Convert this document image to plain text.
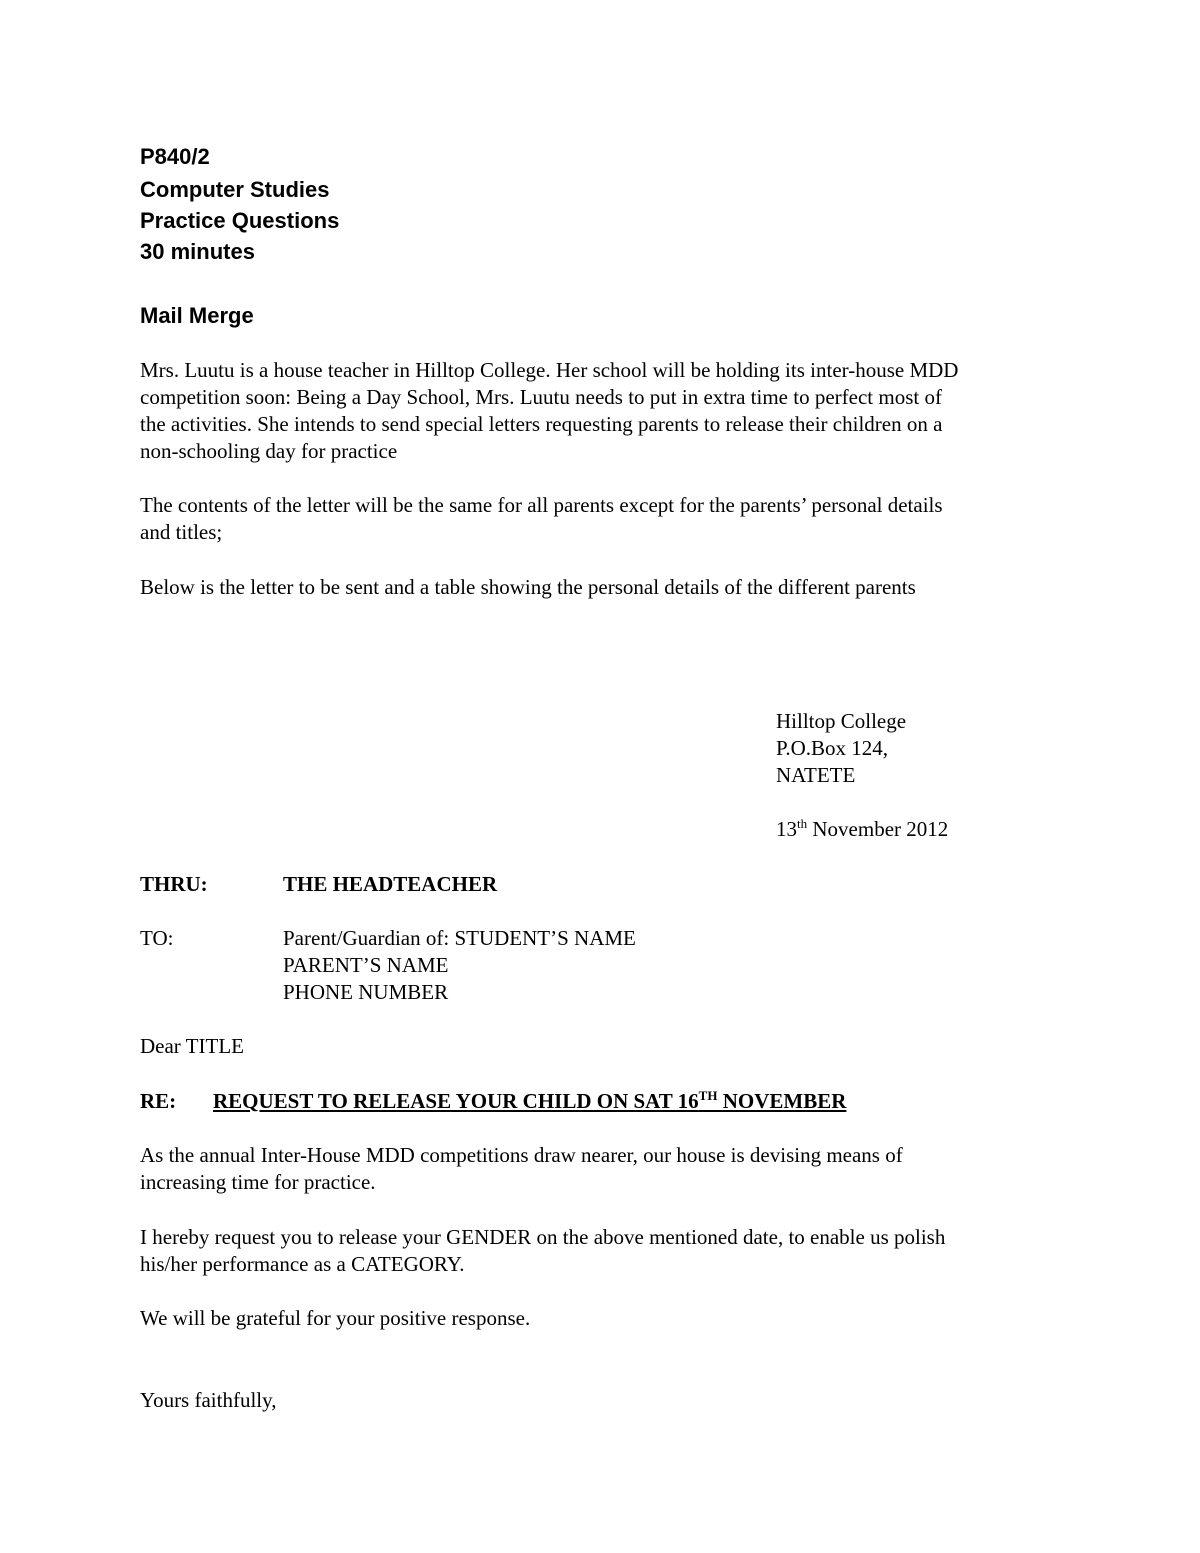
P840/2
Computer Studies
Practice Questions
30 minutes
Mail Merge
Mrs. Luutu is a house teacher in Hilltop College. Her school will be holding its inter-house MDD
competition soon: Being a Day School, Mrs. Luutu needs to put in extra time to perfect most of
the activities. She intends to send special letters requesting parents to release their children on a
non-schooling day for practice
The contents of the letter will be the same for all parents except for the parents’ personal details
and titles;
Below is the letter to be sent and a table showing the personal details of the different parents
Hilltop College
P.O.Box 124,
NATETE
13th November 2012
THRU:	THE HEADTEACHER
TO:	Parent/Guardian of: STUDENT’S NAME
PARENT’S NAME
PHONE NUMBER
Dear TITLE
RE: REQUEST TO RELEASE YOUR CHILD ON SAT 16TH NOVEMBER
As the annual Inter-House MDD competitions draw nearer, our house is devising means of
increasing time for practice.
I hereby request you to release your GENDER on the above mentioned date, to enable us polish
his/her performance as a CATEGORY.
We will be grateful for your positive response.
Yours faithfully,
